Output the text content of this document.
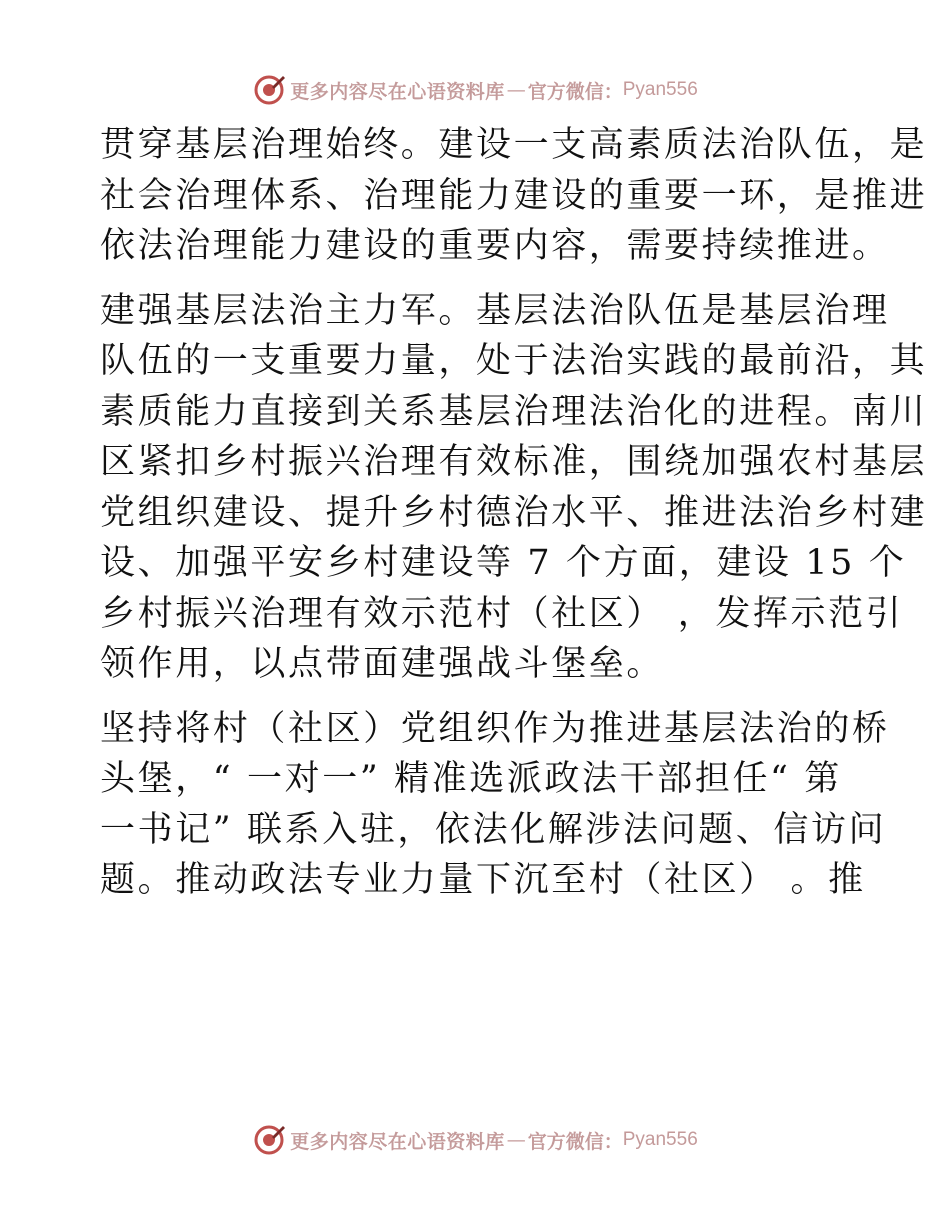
更多内容尽在心语资料库 — 官方微信： Pyan556

贯穿基层治理始终。建设一支高素质法治队伍，是
社会治理体系、治理能力建设的重要一环，是推进
依法治理能力建设的重要内容，需要持续推进。

建强基层法治主力军。基层法治队伍是基层治理
队伍的一支重要力量，处于法治实践的最前沿，其
素质能力直接到关系基层治理法治化的进程。南川
区紧扣乡村振兴治理有效标准，围绕加强农村基层
党组织建设、提升乡村德治水平、推进法治乡村建
设、加强平安乡村建设等 7 个方面，建设 15 个
乡村振兴治理有效示范村（社区） ，发挥示范引
领作用，以点带面建强战斗堡垒。

坚持将村（社区）党组织作为推进基层法治的桥
头堡，“ 一对一” 精准选派政法干部担任“ 第
一书记” 联系入驻，依法化解涉法问题、信访问
题。推动政法专业力量下沉至村（社区） 。推

更多内容尽在心语资料库 — 官方微信： Pyan556
